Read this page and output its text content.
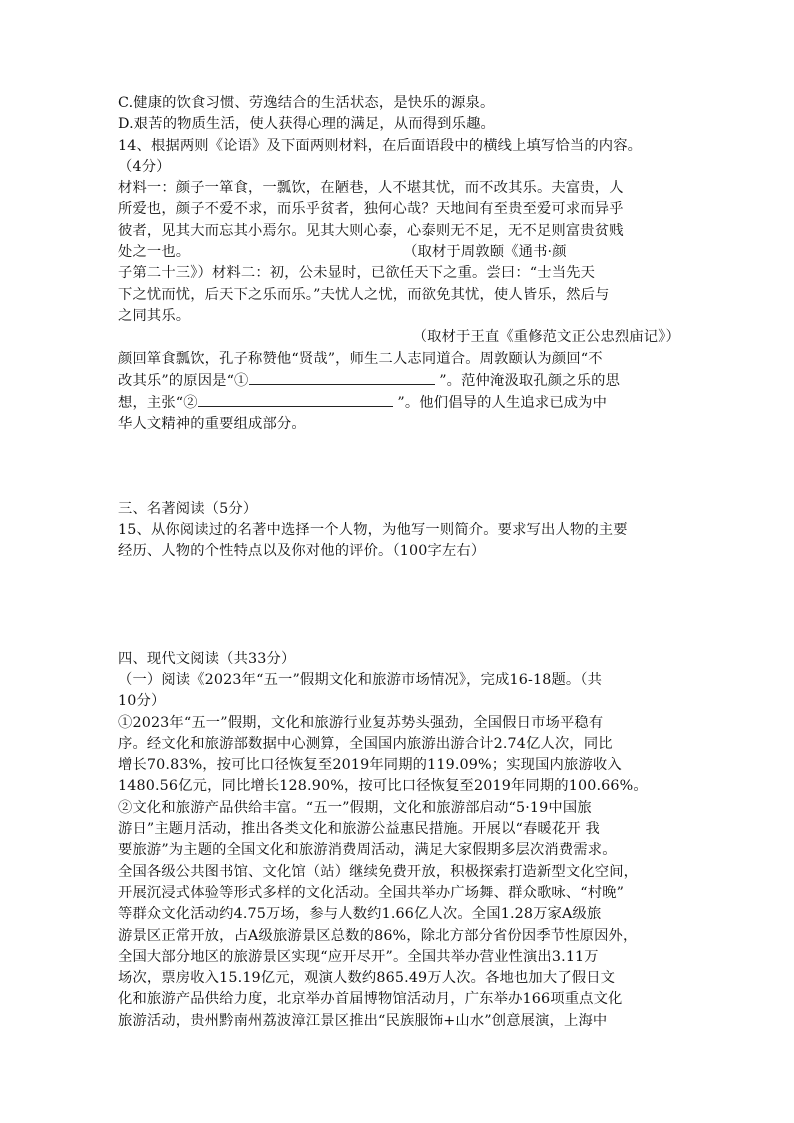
C.健康的饮食习惯、劳逸结合的生活状态，是快乐的源泉。
D.艰苦的物质生活，使人获得心理的满足，从而得到乐趣。
14、根据两则《论语》及下面两则材料，在后面语段中的横线上填写恰当的内容。
（4分）
材料一：颜子一箪食，一瓢饮，在陋巷，人不堪其忧，而不改其乐。夫富贵，人
所爱也，颜子不爱不求，而乐乎贫者，独何心哉？天地间有至贵至爱可求而异乎
彼者，见其大而忘其小焉尔。见其大则心泰，心泰则无不足，无不足则富贵贫贱
处之一也。	（取材于周敦颐《通书·颜
子第二十三》）材料二：初，公未显时，已欲任天下之重。尝曰：“士当先天
下之忧而忧，后天下之乐而乐。”夫忧人之忧，而欲免其忧，使人皆乐，然后与
之同其乐。
（取材于王直《重修范文正公忠烈庙记》）
颜回箪食瓢饮，孔子称赞他“贤哉”，师生二人志同道合。周敦颐认为颜回“不
改其乐”的原因是“①	”。范仲淹汲取孔颜之乐的思
想，主张“②	”。他们倡导的人生追求已成为中
华人文精神的重要组成部分。
三、名著阅读（5分）
15、从你阅读过的名著中选择一个人物，为他写一则简介。要求写出人物的主要
经历、人物的个性特点以及你对他的评价。（100字左右）
四、现代文阅读（共33分）
（一）阅读《2023年“五一”假期文化和旅游市场情况》，完成16-18题。（共
10分）
①2023年“五一”假期，文化和旅游行业复苏势头强劲，全国假日市场平稳有
序。经文化和旅游部数据中心测算，全国国内旅游出游合计2.74亿人次，同比
增长70.83%，按可比口径恢复至2019年同期的119.09%；实现国内旅游收入
1480.56亿元，同比增长128.90%，按可比口径恢复至2019年同期的100.66%。
②文化和旅游产品供给丰富。“五一”假期，文化和旅游部启动“5·19中国旅
游日”主题月活动，推出各类文化和旅游公益惠民措施。开展以“春暖花开 我
要旅游”为主题的全国文化和旅游消费周活动，满足大家假期多层次消费需求。
全国各级公共图书馆、文化馆（站）继续免费开放，积极探索打造新型文化空间，
开展沉浸式体验等形式多样的文化活动。全国共举办广场舞、群众歌咏、“村晚”
等群众文化活动约4.75万场，参与人数约1.66亿人次。全国1.28万家A级旅
游景区正常开放，占A级旅游景区总数的86%，除北方部分省份因季节性原因外，
全国大部分地区的旅游景区实现“应开尽开”。全国共举办营业性演出3.11万
场次，票房收入15.19亿元，观演人数约865.49万人次。各地也加大了假日文
化和旅游产品供给力度，北京举办首届博物馆活动月，广东举办166项重点文化
旅游活动，贵州黔南州荔波漳江景区推出“民族服饰+山水”创意展演，上海中
